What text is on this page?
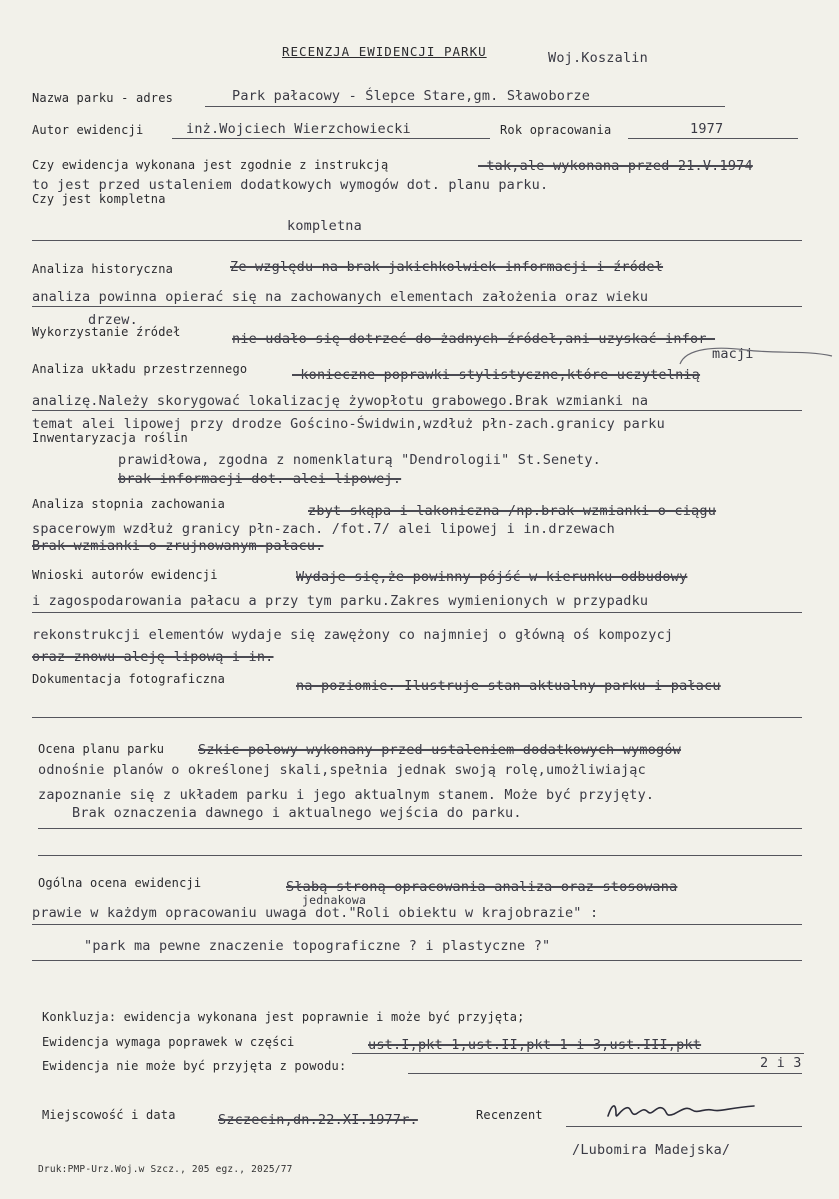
RECENZJA EWIDENCJI PARKU	Woj.Koszalin
Nazwa parku - adres	Park pałacowy - Ślepce Stare,gm. Sławoborze
Autor ewidencji	inż.Wojciech Wierzchowiecki	Rok opracowania	1977
Czy ewidencja wykonana jest zgodnie z instrukcją	-tak,ale wykonana przed 21.V.1974
to jest przed ustaleniem dodatkowych wymogów dot. planu parku.
Czy jest kompletna
kompletna
Analiza historyczna	Ze względu na brak jakichkolwiek informacji i źródeł
analiza powinna opierać się na zachowanych elementach założenia oraz wieku
drzew.
Wykorzystanie źródeł	nie udało się dotrzeć do żadnych źródeł,ani uzyskać infor-
macji
Analiza układu przestrzennego	-konieczne poprawki stylistyczne,które uczytelnią
analizę.Należy skorygować lokalizację żywopłotu grabowego.Brak wzmianki na
temat alei lipowej przy drodze Gościno-Świdwin,wzdłuż płn-zach.granicy parku
Inwentaryzacja roślin
prawidłowa, zgodna z nomenklaturą "Dendrologii" St.Senety.
brak informacji dot. alei lipowej.
Analiza stopnia zachowania	zbyt skąpa i lakoniczna /np.brak wzmianki o ciągu
spacerowym wzdłuż granicy płn-zach. /fot.7/ alei lipowej i in.drzewach
Brak wzmianki o zrujnowanym pałacu.
Wnioski autorów ewidencji	Wydaje się,że powinny pójść w kierunku odbudowy
i zagospodarowania pałacu a przy tym parku.Zakres wymienionych w przypadku
rekonstrukcji elementów wydaje się zawężony co najmniej o główną oś kompozycj
oraz znowu aleję lipową i in.
Dokumentacja fotograficzna	na poziomie. Ilustruje stan aktualny parku i pałacu
Ocena planu parku	Szkic polowy wykonany przed ustaleniem dodatkowych wymogów
odnośnie planów o określonej skali,spełnia jednak swoją rolę,umożliwiając
zapoznanie się z układem parku i jego aktualnym stanem. Może być przyjęty.
Brak oznaczenia dawnego i aktualnego wejścia do parku.
Ogólna ocena ewidencji	Słabą stroną opracowania analiza oraz stosowana
jednakowa
prawie w każdym opracowaniu uwaga dot."Roli obiektu w krajobrazie" :
"park ma pewne znaczenie topograficzne ? i plastyczne ?"
Konkluzja: ewidencja wykonana jest poprawnie i może być przyjęta;
Ewidencja wymaga poprawek w części	ust.I,pkt 1,ust.II,pkt 1 i 3,ust.III,pkt
Ewidencja nie może być przyjęta z powodu:	2 i 3
Miejscowość i data	Szczecin,dn.22.XI.1977r.	Recenzent
/Lubomira Madejska/
Druk:PMP-Urz.Woj.w Szcz., 205 egz., 2025/77
